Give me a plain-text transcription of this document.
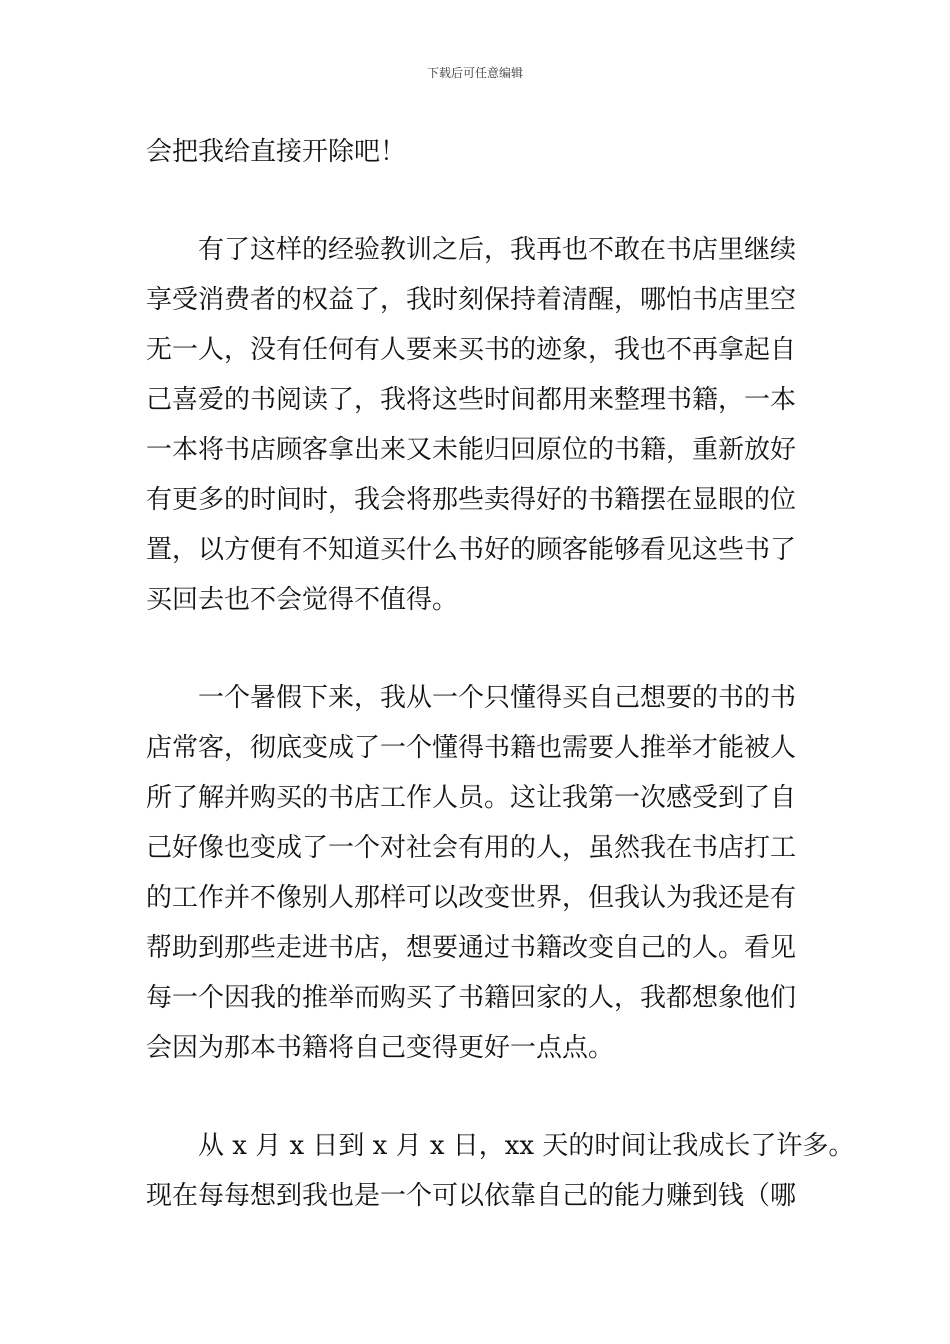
下载后可任意编辑
会把我给直接开除吧！
有了这样的经验教训之后，我再也不敢在书店里继续
享受消费者的权益了，我时刻保持着清醒，哪怕书店里空
无一人，没有任何有人要来买书的迹象，我也不再拿起自
己喜爱的书阅读了，我将这些时间都用来整理书籍，一本
一本将书店顾客拿出来又未能归回原位的书籍，重新放好
有更多的时间时，我会将那些卖得好的书籍摆在显眼的位
置，以方便有不知道买什么书好的顾客能够看见这些书了
买回去也不会觉得不值得。
一个暑假下来，我从一个只懂得买自己想要的书的书
店常客，彻底变成了一个懂得书籍也需要人推举才能被人
所了解并购买的书店工作人员。这让我第一次感受到了自
己好像也变成了一个对社会有用的人，虽然我在书店打工
的工作并不像别人那样可以改变世界，但我认为我还是有
帮助到那些走进书店，想要通过书籍改变自己的人。看见
每一个因我的推举而购买了书籍回家的人，我都想象他们
会因为那本书籍将自己变得更好一点点。
从 x 月 x 日到 x 月 x 日，xx 天的时间让我成长了许多。
现在每每想到我也是一个可以依靠自己的能力赚到钱（哪
